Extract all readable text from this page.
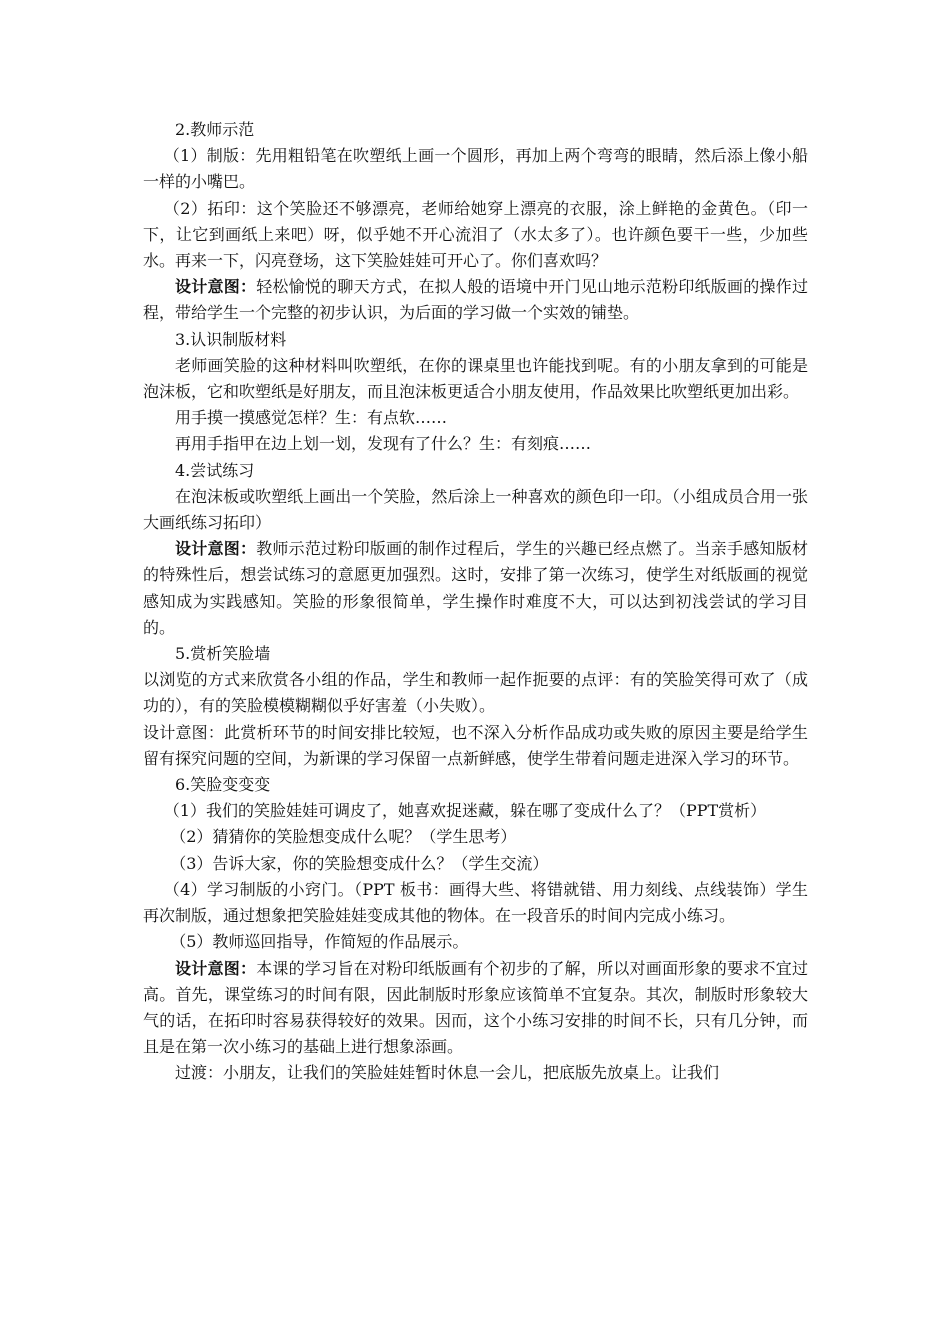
2.教师示范

（1）制版：先用粗铅笔在吹塑纸上画一个圆形，再加上两个弯弯的眼睛，然后添上像小船一样的小嘴巴。

（2）拓印：这个笑脸还不够漂亮，老师给她穿上漂亮的衣服，涂上鲜艳的金黄色。（印一下，让它到画纸上来吧）呀，似乎她不开心流泪了（水太多了）。也许颜色要干一些，少加些水。再来一下，闪亮登场，这下笑脸娃娃可开心了。你们喜欢吗？

设计意图：轻松愉悦的聊天方式，在拟人般的语境中开门见山地示范粉印纸版画的操作过程，带给学生一个完整的初步认识，为后面的学习做一个实效的铺垫。

3.认识制版材料

老师画笑脸的这种材料叫吹塑纸，在你的课桌里也许能找到呢。有的小朋友拿到的可能是泡沫板，它和吹塑纸是好朋友，而且泡沫板更适合小朋友使用，作品效果比吹塑纸更加出彩。

用手摸一摸感觉怎样？生：有点软……

再用手指甲在边上划一划，发现有了什么？生：有刻痕……

4.尝试练习

在泡沫板或吹塑纸上画出一个笑脸，然后涂上一种喜欢的颜色印一印。（小组成员合用一张大画纸练习拓印）

设计意图：教师示范过粉印版画的制作过程后，学生的兴趣已经点燃了。当亲手感知版材的特殊性后，想尝试练习的意愿更加强烈。这时，安排了第一次练习，使学生对纸版画的视觉感知成为实践感知。笑脸的形象很简单，学生操作时难度不大，可以达到初浅尝试的学习目的。

5.赏析笑脸墙

以浏览的方式来欣赏各小组的作品，学生和教师一起作扼要的点评：有的笑脸笑得可欢了（成功的），有的笑脸模模糊糊似乎好害羞（小失败）。

设计意图：此赏析环节的时间安排比较短，也不深入分析作品成功或失败的原因主要是给学生留有探究问题的空间，为新课的学习保留一点新鲜感，使学生带着问题走进深入学习的环节。

6.笑脸变变变

（1）我们的笑脸娃娃可调皮了，她喜欢捉迷藏，躲在哪了变成什么了？（PPT赏析）

（2）猜猜你的笑脸想变成什么呢？（学生思考）

（3）告诉大家，你的笑脸想变成什么？（学生交流）

（4）学习制版的小窍门。（PPT 板书：画得大些、将错就错、用力刻线、点线装饰）学生再次制版，通过想象把笑脸娃娃变成其他的物体。在一段音乐的时间内完成小练习。

（5）教师巡回指导，作简短的作品展示。

设计意图：本课的学习旨在对粉印纸版画有个初步的了解，所以对画面形象的要求不宜过高。首先，课堂练习的时间有限，因此制版时形象应该简单不宜复杂。其次，制版时形象较大气的话，在拓印时容易获得较好的效果。因而，这个小练习安排的时间不长，只有几分钟，而且是在第一次小练习的基础上进行想象添画。

过渡：小朋友，让我们的笑脸娃娃暂时休息一会儿，把底版先放桌上。让我们
